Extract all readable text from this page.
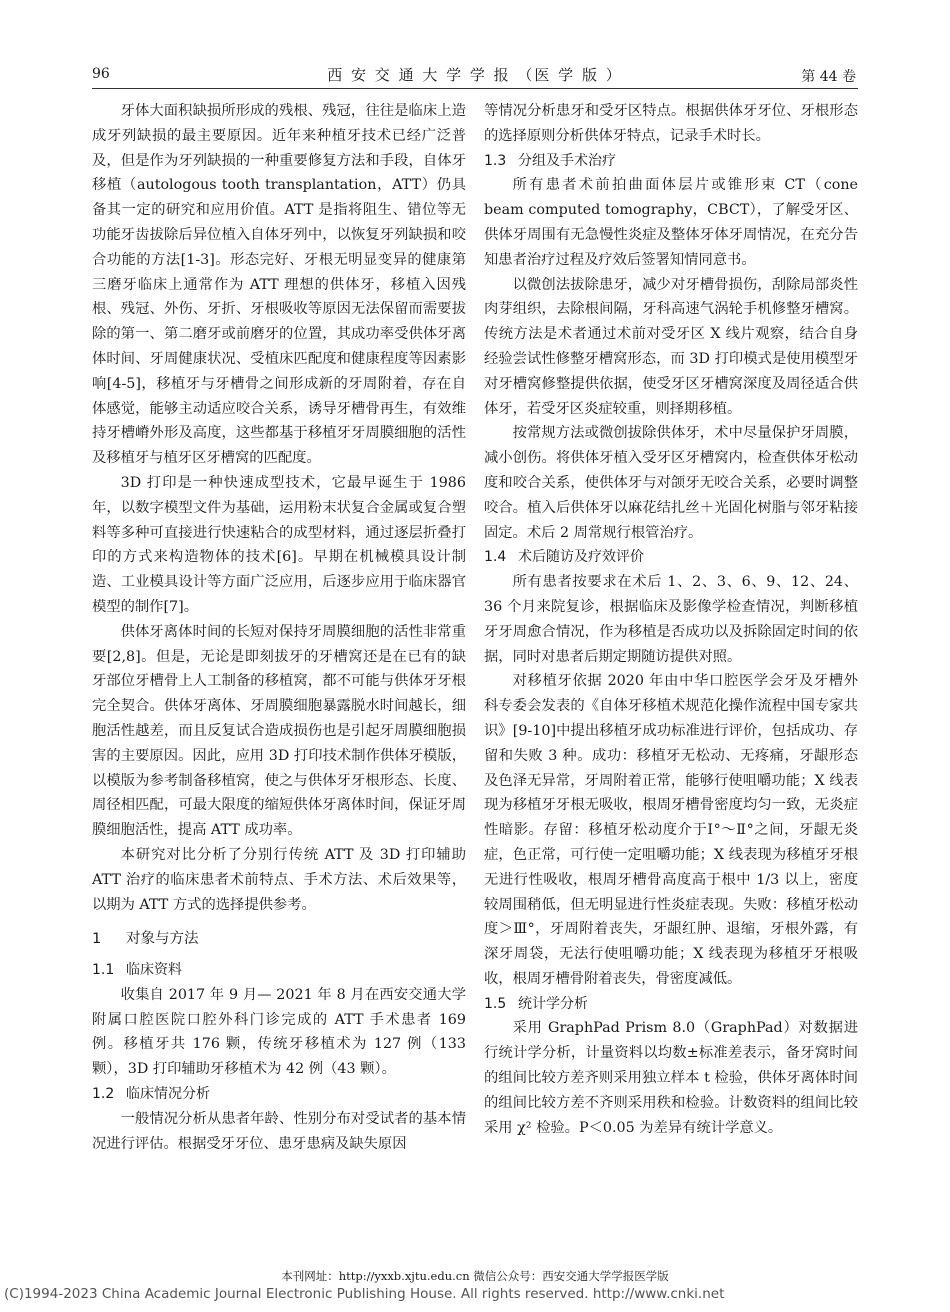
96	西 安 交 通 大 学 学 报 （医 学 版 ）	第 44 卷

牙体大面积缺损所形成的残根、残冠，往往是临床上造成牙列缺损的最主要原因。近年来种植牙技术已经广泛普及，但是作为牙列缺损的一种重要修复方法和手段，自体牙移植（autologous tooth transplantation，ATT）仍具备其一定的研究和应用价值。ATT 是指将阻生、错位等无功能牙齿拔除后异位植入自体牙列中，以恢复牙列缺损和咬合功能的方法[1-3]。形态完好、牙根无明显变异的健康第三磨牙临床上通常作为 ATT 理想的供体牙，移植入因残根、残冠、外伤、牙折、牙根吸收等原因无法保留而需要拔除的第一、第二磨牙或前磨牙的位置，其成功率受供体牙离体时间、牙周健康状况、受植床匹配度和健康程度等因素影响[4-5]，移植牙与牙槽骨之间形成新的牙周附着，存在自体感觉，能够主动适应咬合关系，诱导牙槽骨再生，有效维持牙槽嵴外形及高度，这些都基于移植牙牙周膜细胞的活性及移植牙与植牙区牙槽窝的匹配度。

3D 打印是一种快速成型技术，它最早诞生于 1986 年，以数字模型文件为基础，运用粉末状复合金属或复合塑料等多种可直接进行快速粘合的成型材料，通过逐层折叠打印的方式来构造物体的技术[6]。早期在机械模具设计制造、工业模具设计等方面广泛应用，后逐步应用于临床器官模型的制作[7]。

供体牙离体时间的长短对保持牙周膜细胞的活性非常重要[2,8]。但是，无论是即刻拔牙的牙槽窝还是在已有的缺牙部位牙槽骨上人工制备的移植窝，都不可能与供体牙牙根完全契合。供体牙离体、牙周膜细胞暴露脱水时间越长，细胞活性越差，而且反复试合造成损伤也是引起牙周膜细胞损害的主要原因。因此，应用 3D 打印技术制作供体牙模版，以模版为参考制备移植窝，使之与供体牙牙根形态、长度、周径相匹配，可最大限度的缩短供体牙离体时间，保证牙周膜细胞活性，提高 ATT 成功率。

本研究对比分析了分别行传统 ATT 及 3D 打印辅助 ATT 治疗的临床患者术前特点、手术方法、术后效果等，以期为 ATT 方式的选择提供参考。

1 对象与方法
1.1 临床资料

收集自 2017 年 9 月— 2021 年 8 月在西安交通大学附属口腔医院口腔外科门诊完成的 ATT 手术患者 169 例。移植牙共 176 颗，传统牙移植术为 127 例（133 颗），3D 打印辅助牙移植术为 42 例（43 颗）。

1.2 临床情况分析

一般情况分析从患者年龄、性别分布对受试者的基本情况进行评估。根据受牙牙位、患牙患病及缺失原因

等情况分析患牙和受牙区特点。根据供体牙牙位、牙根形态的选择原则分析供体牙特点，记录手术时长。

1.3 分组及手术治疗

所有患者术前拍曲面体层片或锥形束 CT（cone beam computed tomography，CBCT），了解受牙区、供体牙周围有无急慢性炎症及整体牙体牙周情况，在充分告知患者治疗过程及疗效后签署知情同意书。

以微创法拔除患牙，减少对牙槽骨损伤，刮除局部炎性肉芽组织，去除根间隔，牙科高速气涡轮手机修整牙槽窝。传统方法是术者通过术前对受牙区 X 线片观察，结合自身经验尝试性修整牙槽窝形态，而 3D 打印模式是使用模型牙对牙槽窝修整提供依据，使受牙区牙槽窝深度及周径适合供体牙，若受牙区炎症较重，则择期移植。

按常规方法或微创拔除供体牙，术中尽量保护牙周膜，减小创伤。将供体牙植入受牙区牙槽窝内，检查供体牙松动度和咬合关系，使供体牙与对颌牙无咬合关系，必要时调整咬合。植入后供体牙以麻花结扎丝＋光固化树脂与邻牙粘接固定。术后 2 周常规行根管治疗。

1.4 术后随访及疗效评价

所有患者按要求在术后 1、2、3、6、9、12、24、36 个月来院复诊，根据临床及影像学检查情况，判断移植牙牙周愈合情况，作为移植是否成功以及拆除固定时间的依据，同时对患者后期定期随访提供对照。

对移植牙依据 2020 年由中华口腔医学会牙及牙槽外科专委会发表的《自体牙移植术规范化操作流程中国专家共识》[9-10]中提出移植牙成功标准进行评价，包括成功、存留和失败 3 种。成功：移植牙无松动、无疼痛，牙龈形态及色泽无异常，牙周附着正常，能够行使咀嚼功能；X 线表现为移植牙牙根无吸收，根周牙槽骨密度均匀一致，无炎症性暗影。存留：移植牙松动度介于Ⅰ°～Ⅱ°之间，牙龈无炎症，色正常，可行使一定咀嚼功能；X 线表现为移植牙牙根无进行性吸收，根周牙槽骨高度高于根中 1/3 以上，密度较周围稍低，但无明显进行性炎症表现。失败：移植牙松动度＞Ⅲ°，牙周附着丧失，牙龈红肿、退缩，牙根外露，有深牙周袋，无法行使咀嚼功能；X 线表现为移植牙牙根吸收，根周牙槽骨附着丧失，骨密度减低。

1.5 统计学分析

采用 GraphPad Prism 8.0（GraphPad）对数据进行统计学分析，计量资料以均数±标准差表示，备牙窝时间的组间比较方差齐则采用独立样本 t 检验，供体牙离体时间的组间比较方差不齐则采用秩和检验。计数资料的组间比较采用 χ² 检验。P＜0.05 为差异有统计学意义。

本刊网址：http://yxxb.xjtu.edu.cn 微信公众号：西安交通大学学报医学版
(C)1994-2023 China Academic Journal Electronic Publishing House. All rights reserved. http://www.cnki.net
